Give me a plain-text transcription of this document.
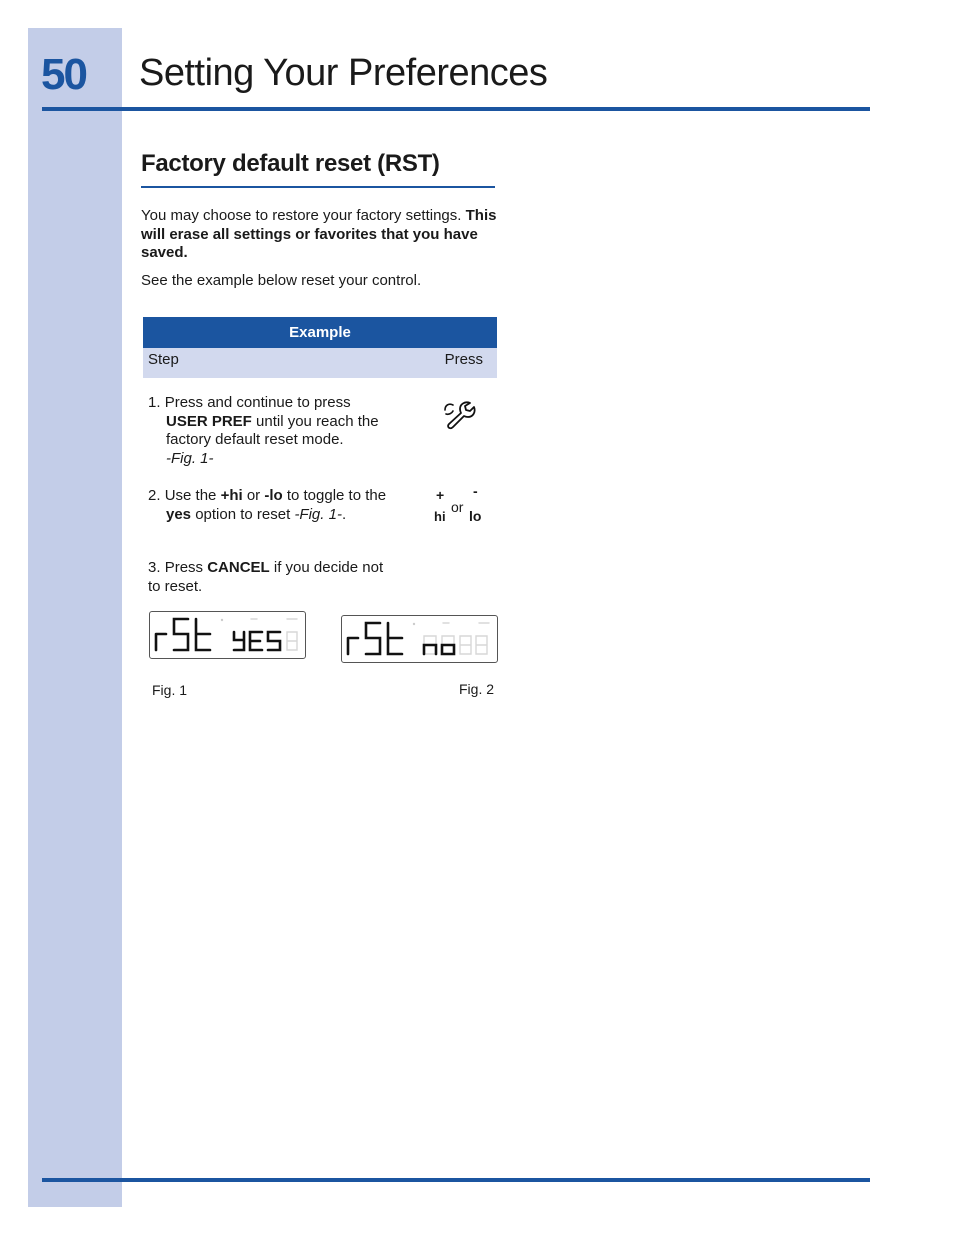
50 Setting Your Preferences
Factory default reset (RST)
You may choose to restore your factory settings. This will erase all settings or favorites that you have saved.
See the example below reset your control.
Example
Step	Press
1. Press and continue to press
USER PREF until you reach the factory default reset mode.
-Fig. 1-
2. Use the +hi or -lo to toggle to the
yes option to reset -Fig. 1-.
+
hi
or
-
lo
3. Press CANCEL if you decide not to reset.
Fig. 1	Fig. 2
